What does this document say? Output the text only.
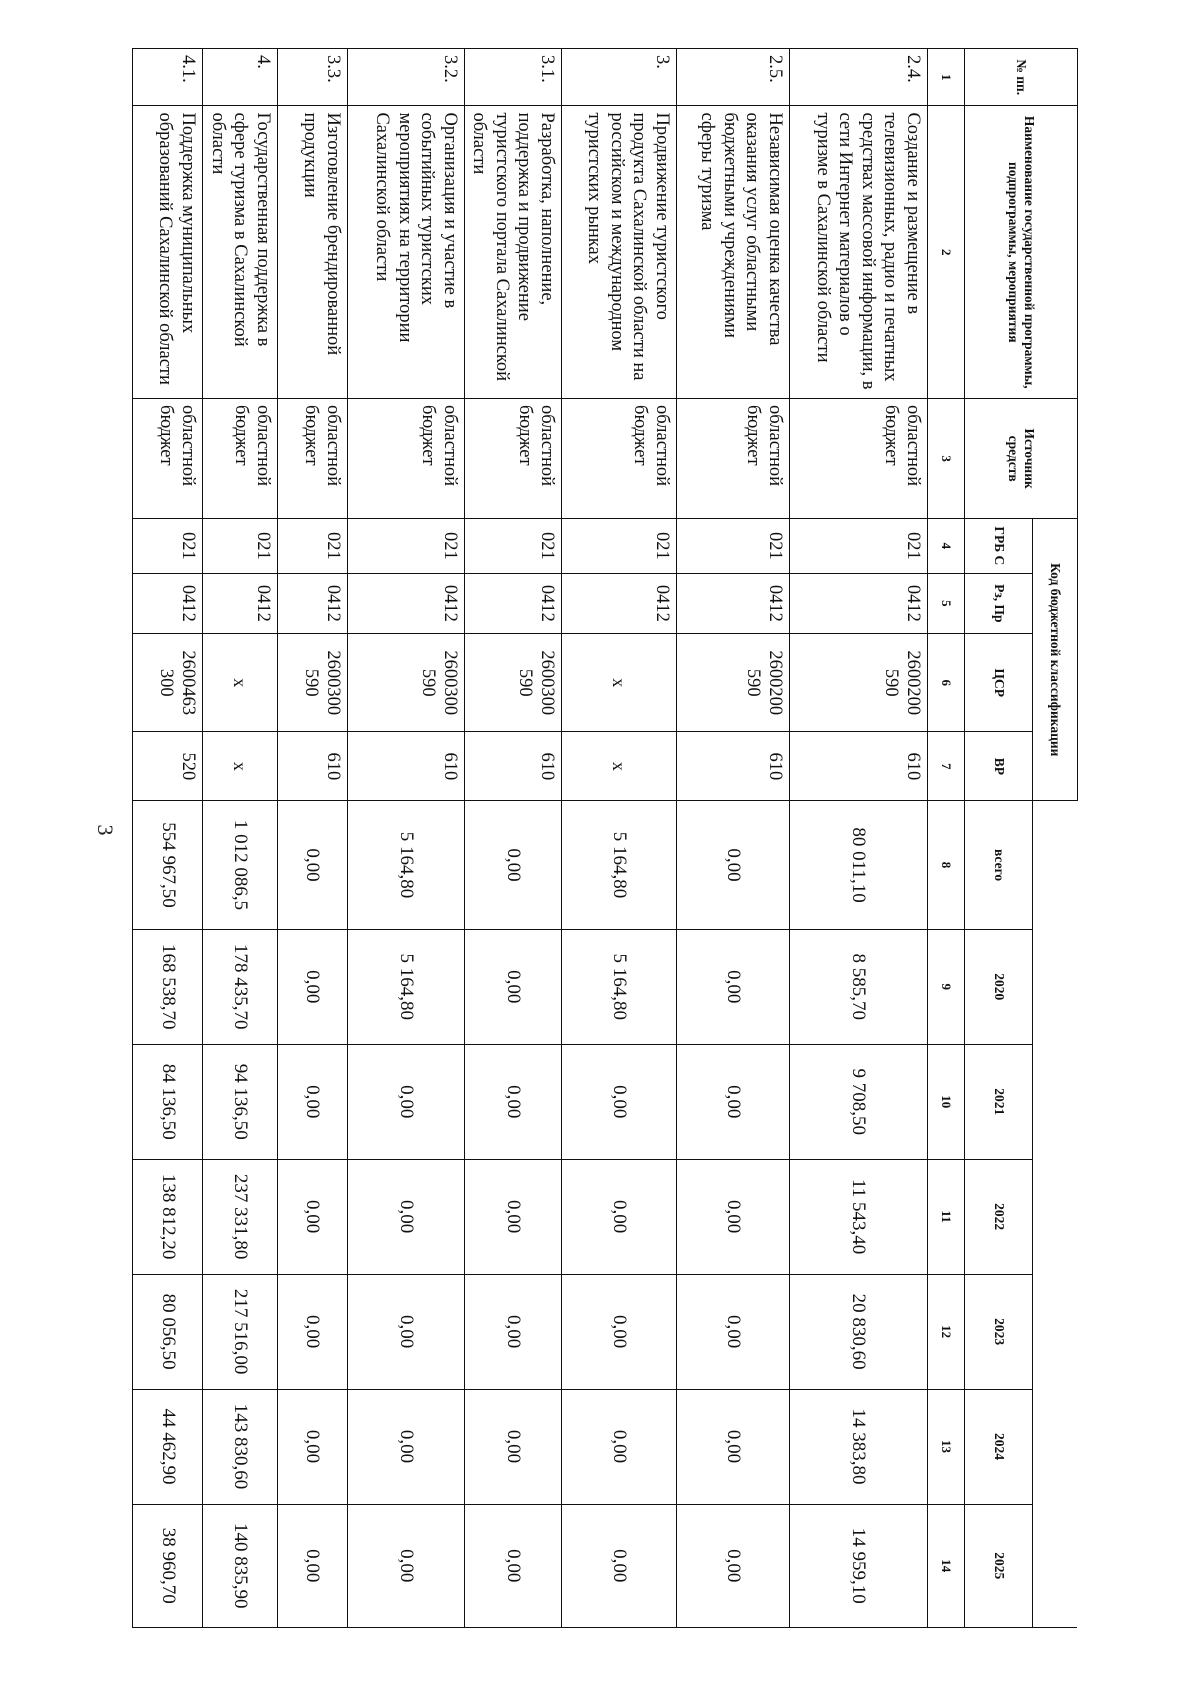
3
№ пп.	Наименование государственной программы, подпрограммы, мероприятия	Источник средств	Код бюджетной классификации										
			ГРБ С	Рз, Пр	ЦСР	ВР	всего	2020	2021	2022	2023	2024	2025
1	2	3	4	5	6	7	8	9	10	11	12	13	14
2.4.	Создание и размещение в телевизионных, радио и печатных средствах массовой информации, в сети Интернет материалов о туризме в Сахалинской области	областной бюджет	021	0412	2600200 590	610	80 011,10	8 585,70	9 708,50	11 543,40	20 830,60	14 383,80	14 959,10
2.5.	Независимая оценка качества оказания услуг областными бюджетными учреждениями сферы туризма	областной бюджет	021	0412	2600200 590	610	0,00	0,00	0,00	0,00	0,00	0,00	0,00
3.	Продвижение туристского продукта Сахалинской области на российском и международном туристских рынках	областной бюджет	021	0412	x	x	5 164,80	5 164,80	0,00	0,00	0,00	0,00	0,00
3.1.	Разработка, наполнение, поддержка и продвижение туристского портала Сахалинской области	областной бюджет	021	0412	2600300 590	610	0,00	0,00	0,00	0,00	0,00	0,00	0,00
3.2.	Организация и участие в событийных туристских мероприятиях на территории Сахалинской области	областной бюджет	021	0412	2600300 590	610	5 164,80	5 164,80	0,00	0,00	0,00	0,00	0,00
3.3.	Изготовление брендированной продукции	областной бюджет	021	0412	2600300 590	610	0,00	0,00	0,00	0,00	0,00	0,00	0,00
4.	Государственная поддержка в сфере туризма в Сахалинской области	областной бюджет	021	0412	x	x	1 012 086,5	178 435,70	94 136,50	237 331,80	217 516,00	143 830,60	140 835,90
4.1.	Поддержка муниципальных образований Сахалинской области	областной бюджет	021	0412	2600463 300	520	554 967,50	168 538,70	84 136,50	138 812,20	80 056,50	44 462,90	38 960,70
